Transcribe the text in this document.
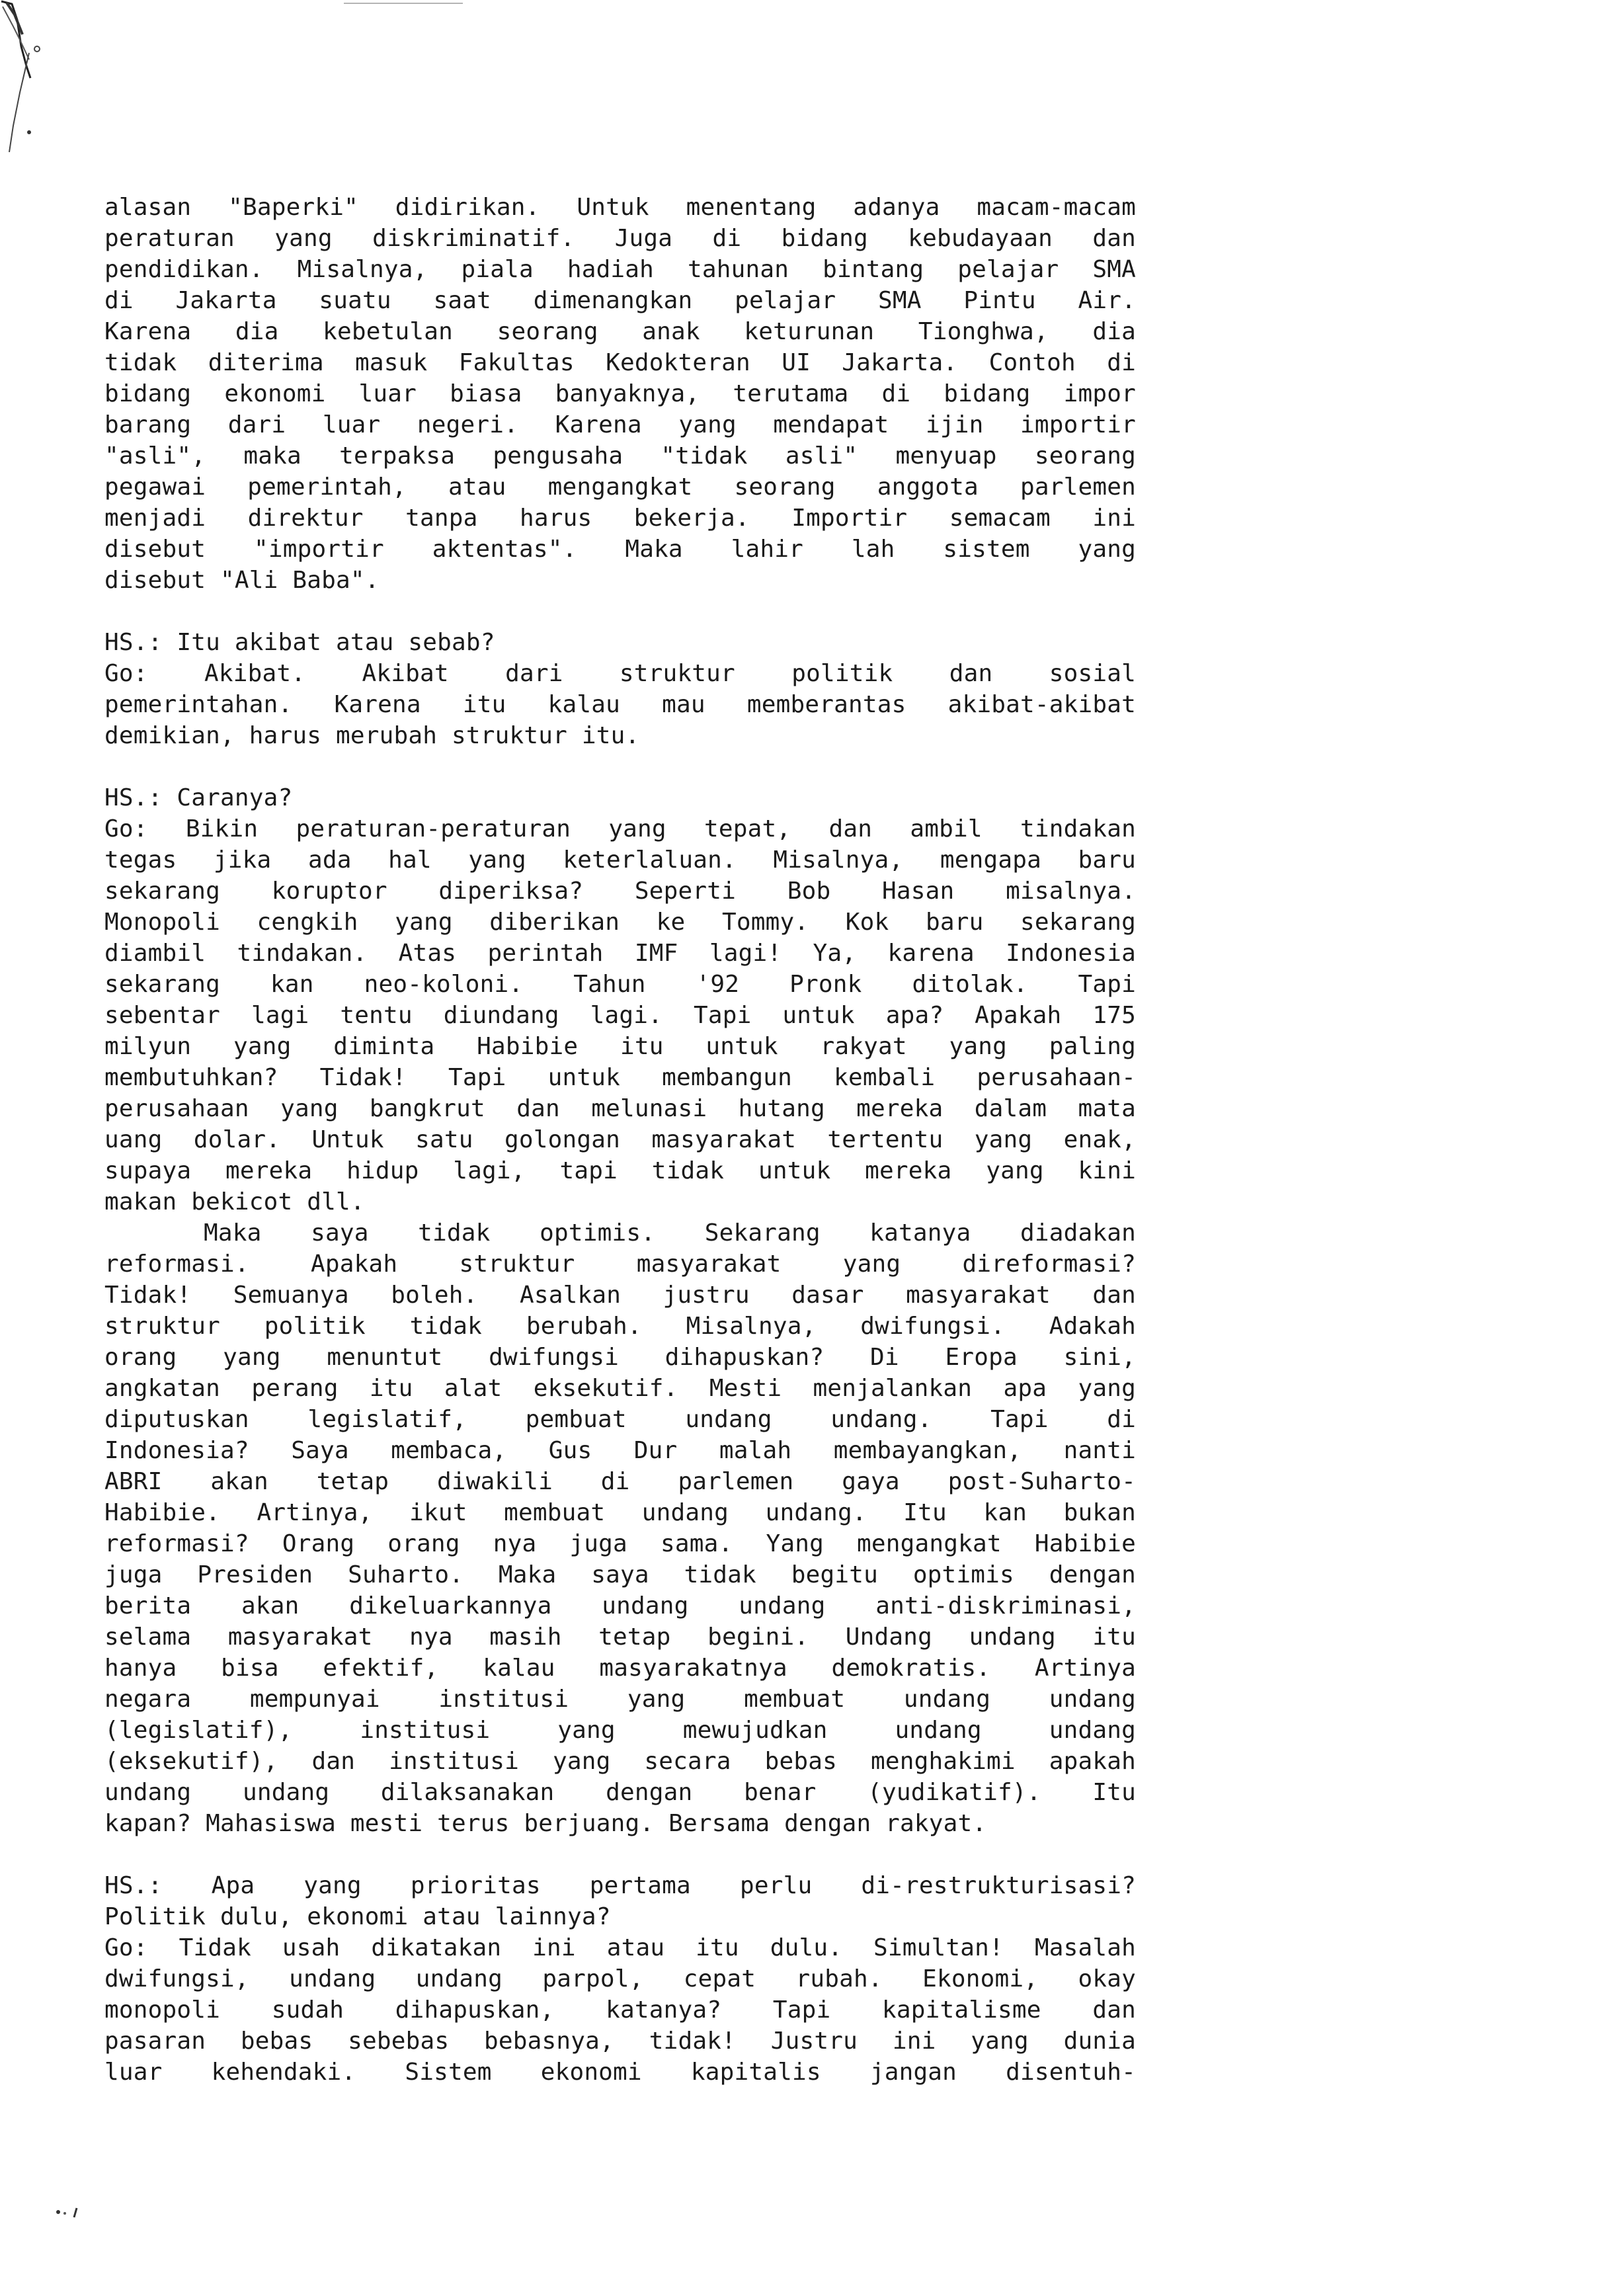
alasan "Baperki" didirikan. Untuk menentang adanya macam-macam
peraturan yang diskriminatif. Juga di bidang kebudayaan dan
pendidikan. Misalnya, piala hadiah tahunan bintang pelajar SMA
di Jakarta suatu saat dimenangkan pelajar SMA Pintu Air.
Karena dia kebetulan seorang anak keturunan Tionghwa, dia
tidak diterima masuk Fakultas Kedokteran UI Jakarta. Contoh di
bidang ekonomi luar biasa banyaknya, terutama di bidang impor
barang dari luar negeri. Karena yang mendapat ijin importir
"asli", maka terpaksa pengusaha "tidak asli" menyuap seorang
pegawai pemerintah, atau mengangkat seorang anggota parlemen
menjadi direktur tanpa harus bekerja. Importir semacam ini
disebut "importir aktentas". Maka lahir lah sistem yang
disebut "Ali Baba".
HS.: Itu akibat atau sebab?
Go: Akibat. Akibat dari struktur politik dan sosial
pemerintahan. Karena itu kalau mau memberantas akibat-akibat
demikian, harus merubah struktur itu.
HS.: Caranya?
Go: Bikin peraturan-peraturan yang tepat, dan ambil tindakan
tegas jika ada hal yang keterlaluan. Misalnya, mengapa baru
sekarang koruptor diperiksa? Seperti Bob Hasan misalnya.
Monopoli cengkih yang diberikan ke Tommy. Kok baru sekarang
diambil tindakan. Atas perintah IMF lagi! Ya, karena Indonesia
sekarang kan neo-koloni. Tahun '92 Pronk ditolak. Tapi
sebentar lagi tentu diundang lagi. Tapi untuk apa? Apakah 175
milyun yang diminta Habibie itu untuk rakyat yang paling
membutuhkan? Tidak! Tapi untuk membangun kembali perusahaan-
perusahaan yang bangkrut dan melunasi hutang mereka dalam mata
uang dolar. Untuk satu golongan masyarakat tertentu yang enak,
supaya mereka hidup lagi, tapi tidak untuk mereka yang kini
makan bekicot dll.
Maka saya tidak optimis. Sekarang katanya diadakan
reformasi. Apakah struktur masyarakat yang direformasi?
Tidak! Semuanya boleh. Asalkan justru dasar masyarakat dan
struktur politik tidak berubah. Misalnya, dwifungsi. Adakah
orang yang menuntut dwifungsi dihapuskan? Di Eropa sini,
angkatan perang itu alat eksekutif. Mesti menjalankan apa yang
diputuskan legislatif, pembuat undang undang. Tapi di
Indonesia? Saya membaca, Gus Dur malah membayangkan, nanti
ABRI akan tetap diwakili di parlemen gaya post-Suharto-
Habibie. Artinya, ikut membuat undang undang. Itu kan bukan
reformasi? Orang orang nya juga sama. Yang mengangkat Habibie
juga Presiden Suharto. Maka saya tidak begitu optimis dengan
berita akan dikeluarkannya undang undang anti-diskriminasi,
selama masyarakat nya masih tetap begini. Undang undang itu
hanya bisa efektif, kalau masyarakatnya demokratis. Artinya
negara mempunyai institusi yang membuat undang undang
(legislatif), institusi yang mewujudkan undang undang
(eksekutif), dan institusi yang secara bebas menghakimi apakah
undang undang dilaksanakan dengan benar (yudikatif). Itu
kapan? Mahasiswa mesti terus berjuang. Bersama dengan rakyat.
HS.: Apa yang prioritas pertama perlu di-restrukturisasi?
Politik dulu, ekonomi atau lainnya?
Go: Tidak usah dikatakan ini atau itu dulu. Simultan! Masalah
dwifungsi, undang undang parpol, cepat rubah. Ekonomi, okay
monopoli sudah dihapuskan, katanya? Tapi kapitalisme dan
pasaran bebas sebebas bebasnya, tidak! Justru ini yang dunia
luar kehendaki. Sistem ekonomi kapitalis jangan disentuh-
